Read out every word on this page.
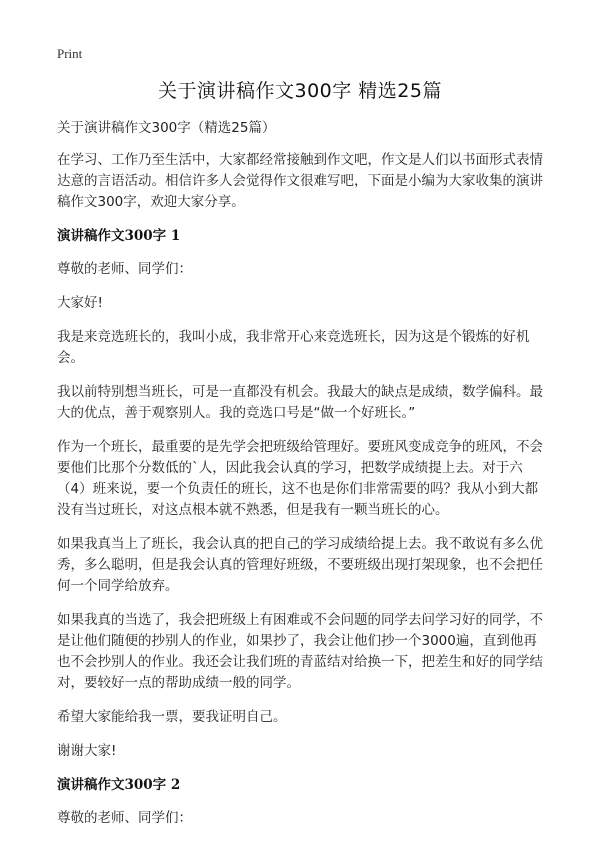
Print
关于演讲稿作文300字 精选25篇

关于演讲稿作文300字（精选25篇）

在学习、工作乃至生活中，大家都经常接触到作文吧，作文是人们以书面形式表情达意的言语活动。相信许多人会觉得作文很难写吧，下面是小编为大家收集的演讲稿作文300字，欢迎大家分享。

演讲稿作文300字 1

尊敬的老师、同学们：

大家好!

我是来竞选班长的，我叫小成，我非常开心来竞选班长，因为这是个锻炼的好机会。

我以前特别想当班长，可是一直都没有机会。我最大的缺点是成绩，数学偏科。最大的优点，善于观察别人。我的竞选口号是“做一个好班长。”

作为一个班长，最重要的是先学会把班级给管理好。要班风变成竞争的班风，不会要他们比那个分数低的`人，因此我会认真的学习，把数学成绩提上去。对于六（4）班来说，要一个负责任的班长，这不也是你们非常需要的吗？我从小到大都没有当过班长，对这点根本就不熟悉，但是我有一颗当班长的心。

如果我真当上了班长，我会认真的把自己的学习成绩给提上去。我不敢说有多么优秀，多么聪明，但是我会认真的管理好班级，不要班级出现打架现象，也不会把任何一个同学给放弃。

如果我真的当选了，我会把班级上有困难或不会问题的同学去问学习好的同学，不是让他们随便的抄别人的作业，如果抄了，我会让他们抄一个3000遍，直到他再也不会抄别人的作业。我还会让我们班的青蓝结对给换一下，把差生和好的同学结对，要较好一点的帮助成绩一般的同学。

希望大家能给我一票，要我证明自己。

谢谢大家!

演讲稿作文300字 2

尊敬的老师、同学们：
